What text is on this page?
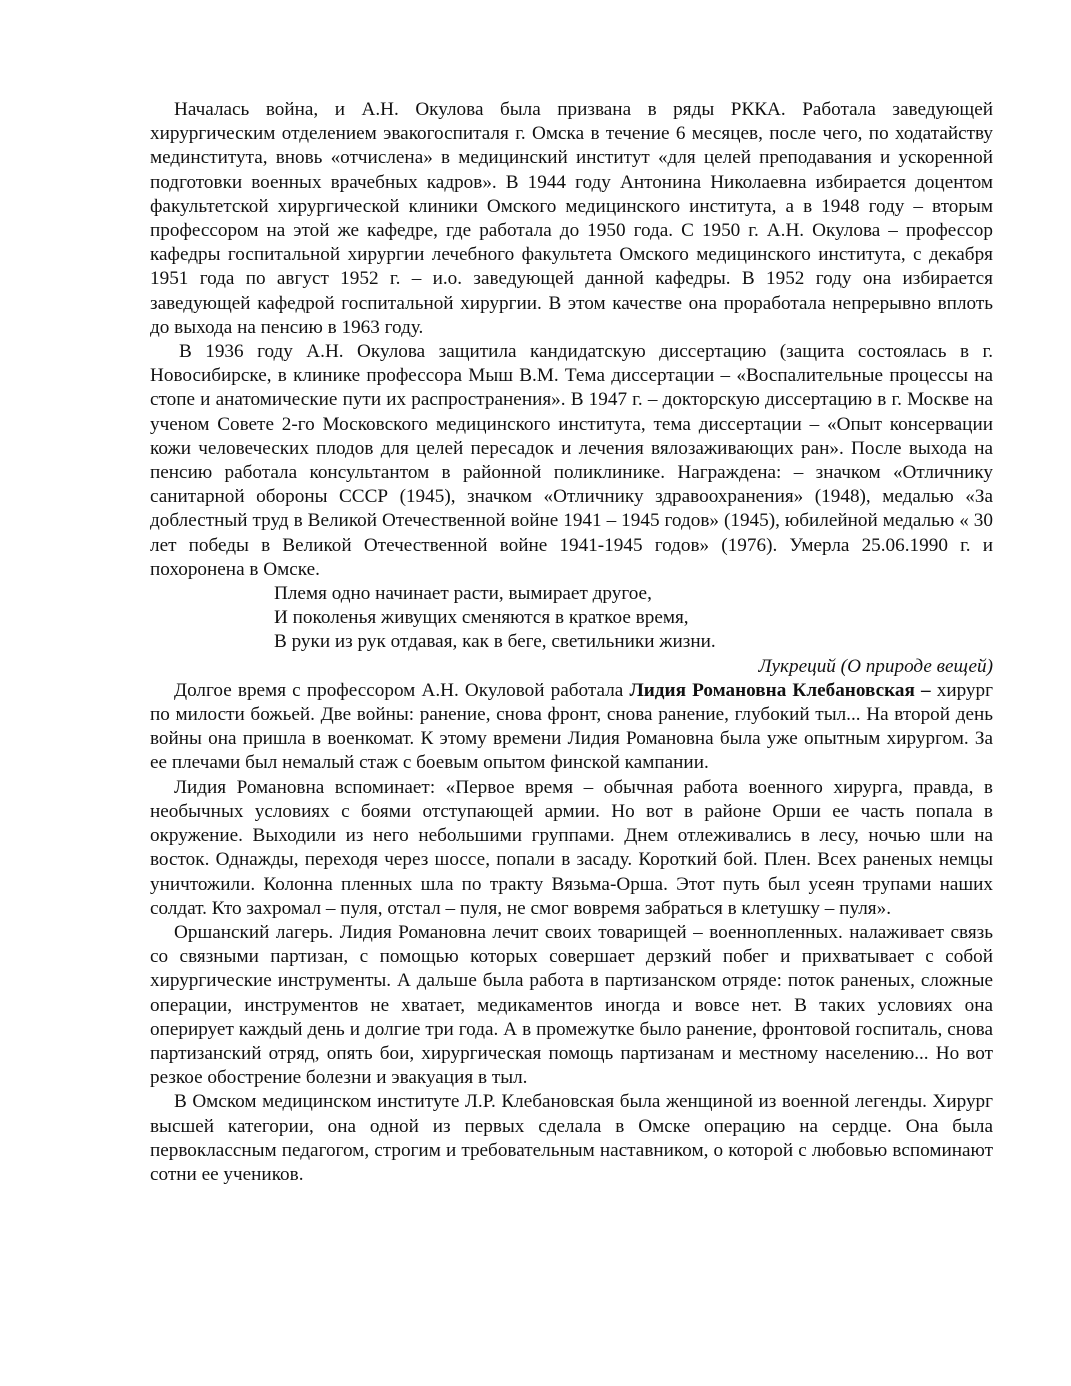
Началась война, и А.Н. Окулова была призвана в ряды РККА. Работала заведующей хирургическим отделением эвакогоспиталя г. Омска в течение 6 месяцев, после чего, по ходатайству мединститута, вновь «отчислена» в медицинский институт «для целей преподавания и ускоренной подготовки военных врачебных кадров». В 1944 году Антонина Николаевна избирается доцентом факультетской хирургической клиники Омского медицинского института, а в 1948 году – вторым профессором на этой же кафедре, где работала до 1950 года. С 1950 г. А.Н. Окулова – профессор кафедры госпитальной хирургии лечебного факультета Омского медицинского института, с декабря 1951 года по август 1952 г. – и.о. заведующей данной кафедры. В 1952 году она избирается заведующей кафедрой госпитальной хирургии. В этом качестве она проработала непрерывно вплоть до выхода на пенсию в 1963 году.

В 1936 году А.Н. Окулова защитила кандидатскую диссертацию (защита состоялась в г. Новосибирске, в клинике профессора Мыш В.М. Тема диссертации – «Воспалительные процессы на стопе и анатомические пути их распространения». В 1947 г. – докторскую диссертацию в г. Москве на ученом Совете 2-го Московского медицинского института, тема диссертации – «Опыт консервации кожи человеческих плодов для целей пересадок и лечения вялозаживающих ран». После выхода на пенсию работала консультантом в районной поликлинике. Награждена: – значком «Отличнику санитарной обороны СССР (1945), значком «Отличнику здравоохранения» (1948), медалью «За доблестный труд в Великой Отечественной войне 1941 – 1945 годов» (1945), юбилейной медалью « 30 лет победы в Великой Отечественной войне 1941-1945 годов» (1976). Умерла 25.06.1990 г. и похоронена в Омске.

Племя одно начинает расти, вымирает другое,
И поколенья живущих сменяются в краткое время,
В руки из рук отдавая, как в беге, светильники жизни.

Лукреций (О природе вещей)

Долгое время с профессором А.Н. Окуловой работала Лидия Романовна Клебановская – хирург по милости божьей. Две войны: ранение, снова фронт, снова ранение, глубокий тыл... На второй день войны она пришла в военкомат. К этому времени Лидия Романовна была уже опытным хирургом. За ее плечами был немалый стаж с боевым опытом финской кампании.

Лидия Романовна вспоминает: «Первое время – обычная работа военного хирурга, правда, в необычных условиях с боями отступающей армии. Но вот в районе Орши ее часть попала в окружение. Выходили из него небольшими группами. Днем отлеживались в лесу, ночью шли на восток. Однажды, переходя через шоссе, попали в засаду. Короткий бой. Плен. Всех раненых немцы уничтожили. Колонна пленных шла по тракту Вязьма-Орша. Этот путь был усеян трупами наших солдат. Кто захромал – пуля, отстал – пуля, не смог вовремя забраться в клетушку – пуля».

Оршанский лагерь. Лидия Романовна лечит своих товарищей – военнопленных. налаживает связь со связными партизан, с помощью которых совершает дерзкий побег и прихватывает с собой хирургические инструменты. А дальше была работа в партизанском отряде: поток раненых, сложные операции, инструментов не хватает, медикаментов иногда и вовсе нет. В таких условиях она оперирует каждый день и долгие три года. А в промежутке было ранение, фронтовой госпиталь, снова партизанский отряд, опять бои, хирургическая помощь партизанам и местному населению... Но вот резкое обострение болезни и эвакуация в тыл.

В Омском медицинском институте Л.Р. Клебановская была женщиной из военной легенды. Хирург высшей категории, она одной из первых сделала в Омске операцию на сердце. Она была первоклассным педагогом, строгим и требовательным наставником, о которой с любовью вспоминают сотни ее учеников.
